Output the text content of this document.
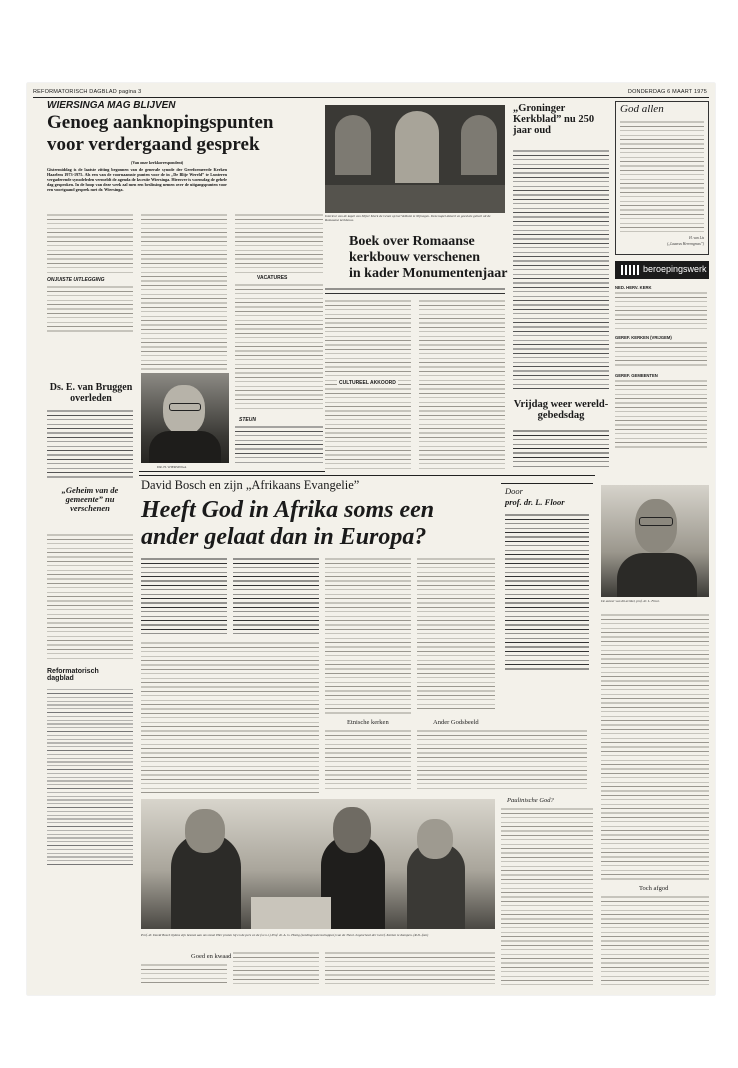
REFORMATORISCH DAGBLAD pagina 3	DONDERDAG 6 MAART 1975
WIERSINGA MAG BLIJVEN
Genoeg aanknopingspunten
voor verdergaand gesprek
(Van onze kerkkorrespondent)
Gistermiddag is de laatste zitting begonnen van de generale synode der Gereformeerde Kerken Haarlem 1973-1975. Als een van de voornaamste punten voor de in „De Blije Wereld” te Lunteren vergaderende synodeleden vermeldt de agenda de kwestie Wiersinga. Hierover is woensdag de gehele dag gesproken. In de hoop van deze week zal men een beslissing nemen over de uitgangspunten voor een voortgaand gesprek met dr. Wiersinga.
ONJUISTE UITLEGGING	VACATURES
DR. H. WIERSINGA
STEUN
Ds. E. van Bruggen overleden
„Geheim van de gemeente” nu verschenen
Reformatorisch
dagblad
Interieur van de kapel van Slijter Klerk de Groot op het Velduist te Nijmegen. Deze kapel dateert zo goed als geheel uit de Romaanse kerkbouw.
Boek over Romaanse
kerkbouw verschenen
in kader Monumentenjaar
CULTUREEL AKKOORD
„Groninger Kerkblad” nu 250 jaar oud
Vrijdag weer wereld-gebedsdag
God allen
H. van Lis
(„Lazarus Herrengruss”)
beroepingswerk
NED. HERV. KERK
GEREF. KERKEN (VRIJGEM)
GEREF. GEMEENTEN
David Bosch en zijn „Afrikaans Evangelie”
Heeft God in Afrika soms een
ander gelaat dan in Europa?
Door
prof. dr. L. Floor
De auteur van dit artikel, prof. dr. L. Floor.
Etnische kerken	Ander Godsbeeld
Toch afgod
Prof. dr. David Bosch tijdens zijn bezoek aan ons land. Hier praten hij en de pers en de (v.l.n.r.) Prof. dr. A. G. Honig (zendingswetenschappen) van de Theol. hogeschool der Geref. Kerken te Kampen. (R.D.-foto)
Paulinische God?
Goed en kwaad
